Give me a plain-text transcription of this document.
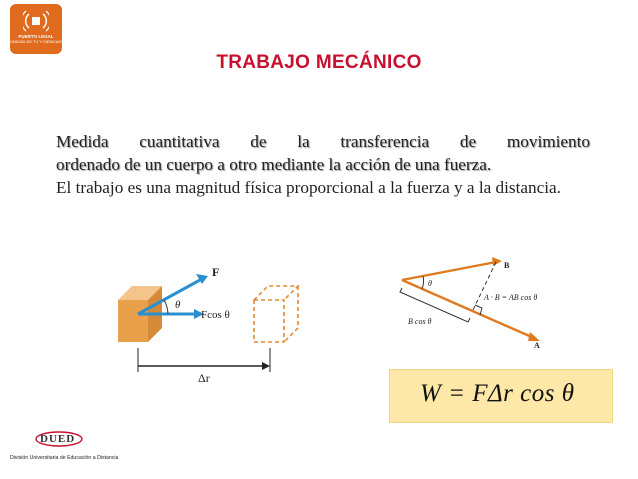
PUERTO LEGAL
UNIDAD DE TV Y CIENCIAS
TRABAJO MECÁNICO
Medida cuantitativa de la transferencia de movimiento
ordenado de un cuerpo a otro mediante la acción de una fuerza.
El trabajo es una magnitud física proporcional a la fuerza y a la distancia.
F
θ
Fcos θ
Δr
B
A
θ
A · B = AB cos θ
B cos θ
W = FΔr cos θ
DUED
División Universitaria de Educación a Distancia
